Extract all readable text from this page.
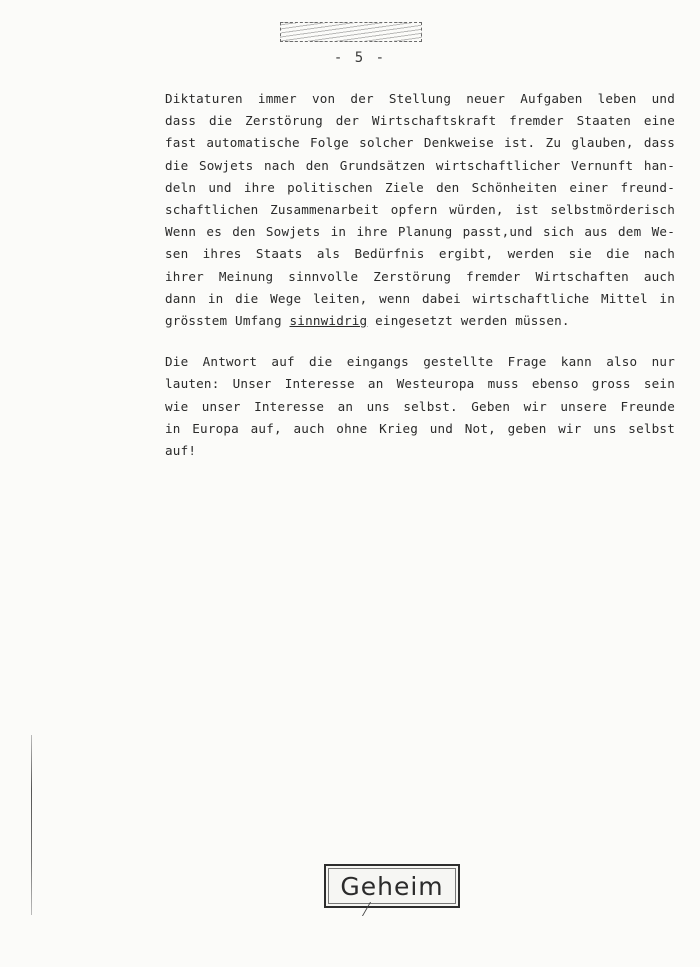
- 5 -

Diktaturen immer von der Stellung neuer Aufgaben leben und
dass die Zerstörung der Wirtschaftskraft fremder Staaten eine
fast automatische Folge solcher Denkweise ist. Zu glauben, dass
die Sowjets nach den Grundsätzen wirtschaftlicher Vernunft han-
deln und ihre politischen Ziele den Schönheiten einer freund-
schaftlichen Zusammenarbeit opfern würden, ist selbstmörderisch
Wenn es den Sowjets in ihre Planung passt,und sich aus dem We-
sen ihres Staats als Bedürfnis ergibt, werden sie die nach
ihrer Meinung sinnvolle Zerstörung fremder Wirtschaften auch
dann in die Wege leiten, wenn dabei wirtschaftliche Mittel in
grösstem Umfang sinnwidrig eingesetzt werden müssen.

Die Antwort auf die eingangs gestellte Frage kann also nur
lauten: Unser Interesse an Westeuropa muss ebenso gross sein
wie unser Interesse an uns selbst. Geben wir unsere Freunde
in Europa auf, auch ohne Krieg und Not, geben wir uns selbst
auf!

Geheim
